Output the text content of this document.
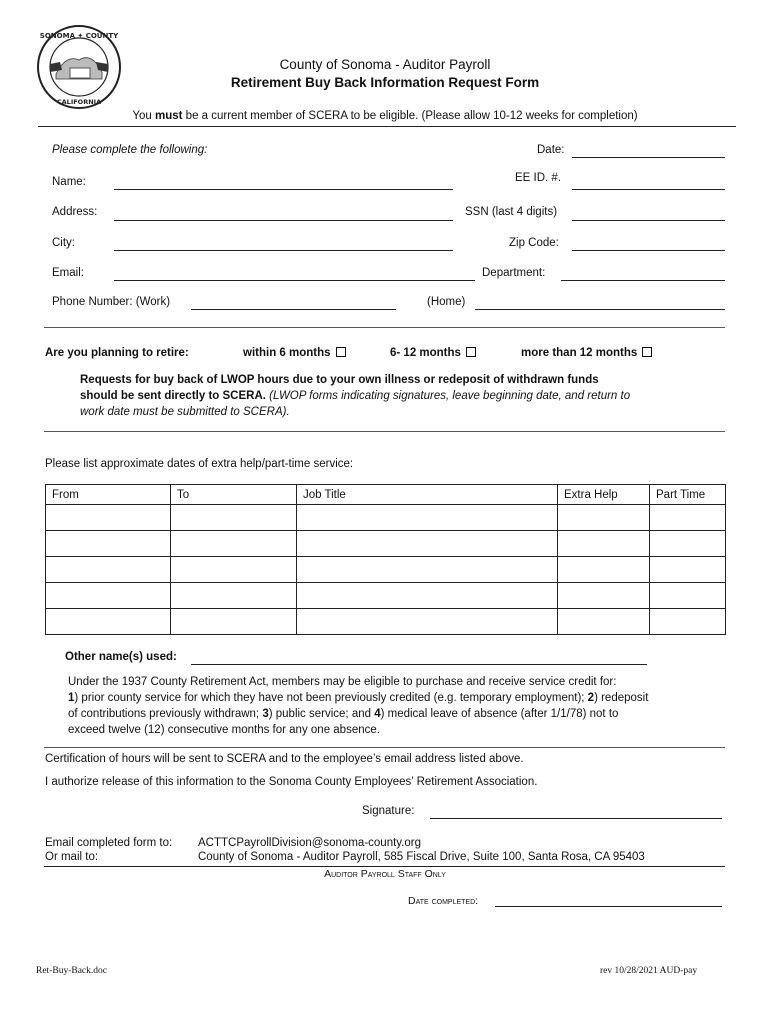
SONOMA ✦ COUNTY
CALIFORNIA
County of Sonoma - Auditor Payroll
Retirement Buy Back Information Request Form
You must be a current member of SCERA to be eligible. (Please allow 10-12 weeks for completion)
Please complete the following:	Date:
Name:	EE ID. #.
Address:	SSN (last 4 digits)
City:	Zip Code:
Email:	Department:
Phone Number: (Work)	(Home)
Are you planning to retire:	within 6 months	6- 12 months	more than 12 months
Requests for buy back of LWOP hours due to your own illness or redeposit of withdrawn funds
should be sent directly to SCERA. (LWOP forms indicating signatures, leave beginning date, and return to
work date must be submitted to SCERA).
Please list approximate dates of extra help/part-time service:
From	To	Job Title	Extra Help	Part Time

Other name(s) used:
Under the 1937 County Retirement Act, members may be eligible to purchase and receive service credit for:
1) prior county service for which they have not been previously credited (e.g. temporary employment); 2) redeposit
of contributions previously withdrawn; 3) public service; and 4) medical leave of absence (after 1/1/78) not to
exceed twelve (12) consecutive months for any one absence.
Certification of hours will be sent to SCERA and to the employee’s email address listed above.
I authorize release of this information to the Sonoma County Employees’ Retirement Association.
Signature:
Email completed form to: ACTTCPayrollDivision@sonoma-county.org
Or mail to:	County of Sonoma - Auditor Payroll, 585 Fiscal Drive, Suite 100, Santa Rosa, CA 95403
Auditor Payroll Staff Only
Date completed:
Ret-Buy-Back.doc	rev 10/28/2021 AUD-pay
